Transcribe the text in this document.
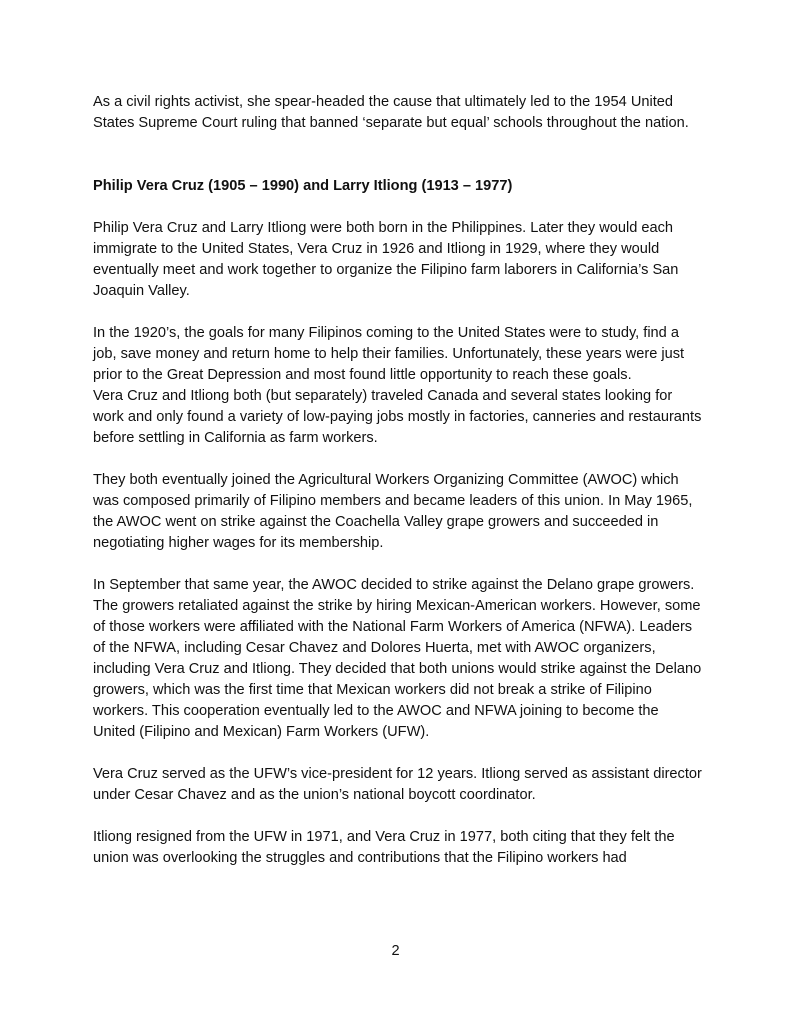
As a civil rights activist, she spear-headed the cause that ultimately led to the 1954 United States Supreme Court ruling that banned ‘separate but equal’ schools throughout the nation.

Philip Vera Cruz (1905 – 1990) and Larry Itliong (1913 – 1977)

Philip Vera Cruz and Larry Itliong were both born in the Philippines. Later they would each immigrate to the United States, Vera Cruz in 1926 and Itliong in 1929, where they would eventually meet and work together to organize the Filipino farm laborers in California’s San Joaquin Valley.

In the 1920’s, the goals for many Filipinos coming to the United States were to study, find a job, save money and return home to help their families. Unfortunately, these years were just prior to the Great Depression and most found little opportunity to reach these goals.

Vera Cruz and Itliong both (but separately) traveled Canada and several states looking for work and only found a variety of low-paying jobs mostly in factories, canneries and restaurants before settling in California as farm workers.

They both eventually joined the Agricultural Workers Organizing Committee (AWOC) which was composed primarily of Filipino members and became leaders of this union. In May 1965, the AWOC went on strike against the Coachella Valley grape growers and succeeded in negotiating higher wages for its membership.

In September that same year, the AWOC decided to strike against the Delano grape growers. The growers retaliated against the strike by hiring Mexican-American workers. However, some of those workers were affiliated with the National Farm Workers of America (NFWA). Leaders of the NFWA, including Cesar Chavez and Dolores Huerta, met with AWOC organizers, including Vera Cruz and Itliong. They decided that both unions would strike against the Delano growers, which was the first time that Mexican workers did not break a strike of Filipino workers. This cooperation eventually led to the AWOC and NFWA joining to become the United (Filipino and Mexican) Farm Workers (UFW).

Vera Cruz served as the UFW’s vice-president for 12 years. Itliong served as assistant director under Cesar Chavez and as the union’s national boycott coordinator.

Itliong resigned from the UFW in 1971, and Vera Cruz in 1977, both citing that they felt the union was overlooking the struggles and contributions that the Filipino workers had

2
